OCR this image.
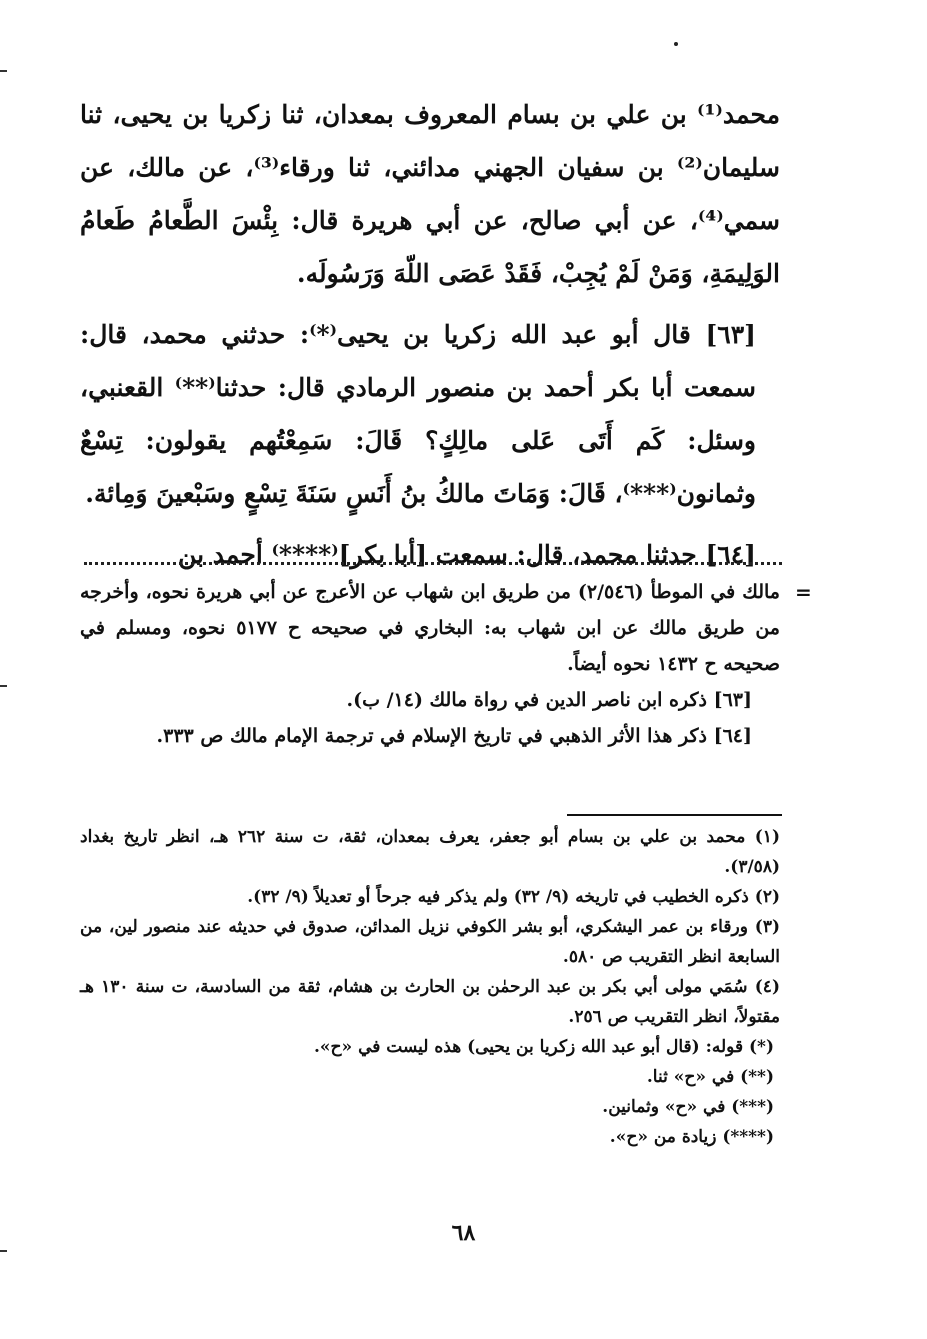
محمد⁽¹⁾ بن علي بن بسام المعروف بمعدان، ثنا زكريا بن يحيى، ثنا سليمان⁽²⁾ بن سفيان الجهني مدائني، ثنا ورقاء⁽³⁾، عن مالك، عن سمي⁽⁴⁾، عن أبي صالح، عن أبي هريرة قال: بِئْسَ الطَّعامُ طَعامُ الوَلِيمَةِ، وَمَنْ لَمْ يُجِبْ، فَقَدْ عَصَى اللّهَ وَرَسُولَه.

[٦٣] قال أبو عبد الله زكريا بن يحيى⁽*⁾: حدثني محمد، قال: سمعت أبا بكر أحمد بن منصور الرمادي قال: حدثنا⁽**⁾ القعنبي، وسئل: كَم أَتَى عَلى مالِكٍ؟ قَالَ: سَمِعْتُهم يقولون: تِسْعٌ وثمانون⁽***⁾، قَالَ: وَمَاتَ مالكُ بنُ أَنَسٍ سَنَةَ تِسْعٍ وسَبْعينَ وَمِائة.

[٦٤] حدثنا محمد، قال: سمعت [أبا بكر]⁽****⁾ أحمد بن

=

مالك في الموطأ (٢/٥٤٦) من طريق ابن شهاب عن الأعرج عن أبي هريرة نحوه، وأخرجه من طريق مالك عن ابن شهاب به: البخاري في صحيحه ح ٥١٧٧ نحوه، ومسلم في صحيحه ح ١٤٣٢ نحوه أيضاً.

[٦٣] ذكره ابن ناصر الدين في رواة مالك (١٤/ ب).

[٦٤] ذكر هذا الأثر الذهبي في تاريخ الإسلام في ترجمة الإمام مالك ص ٣٣٣.

(١) محمد بن علي بن بسام أبو جعفر، يعرف بمعدان، ثقة، ت سنة ٢٦٢ هـ، انظر تاريخ بغداد (٣/٥٨).

(٢) ذكره الخطيب في تاريخه (٩/ ٣٢) ولم يذكر فيه جرحاً أو تعديلاً (٩/ ٣٢).

(٣) ورقاء بن عمر اليشكري، أبو بشر الكوفي نزيل المدائن، صدوق في حديثه عند منصور لين، من السابعة انظر التقريب ص ٥٨٠.

(٤) سُمَي مولى أبي بكر بن عبد الرحمٰن بن الحارث بن هشام، ثقة من السادسة، ت سنة ١٣٠ هـ مقتولاً، انظر التقريب ص ٢٥٦.

(*) قوله: (قال أبو عبد الله زكريا بن يحيى) هذه ليست في «ح».

(**) في «ح» ثنا.

(***) في «ح» وثمانين.

(****) زيادة من «ح».

٦٨
